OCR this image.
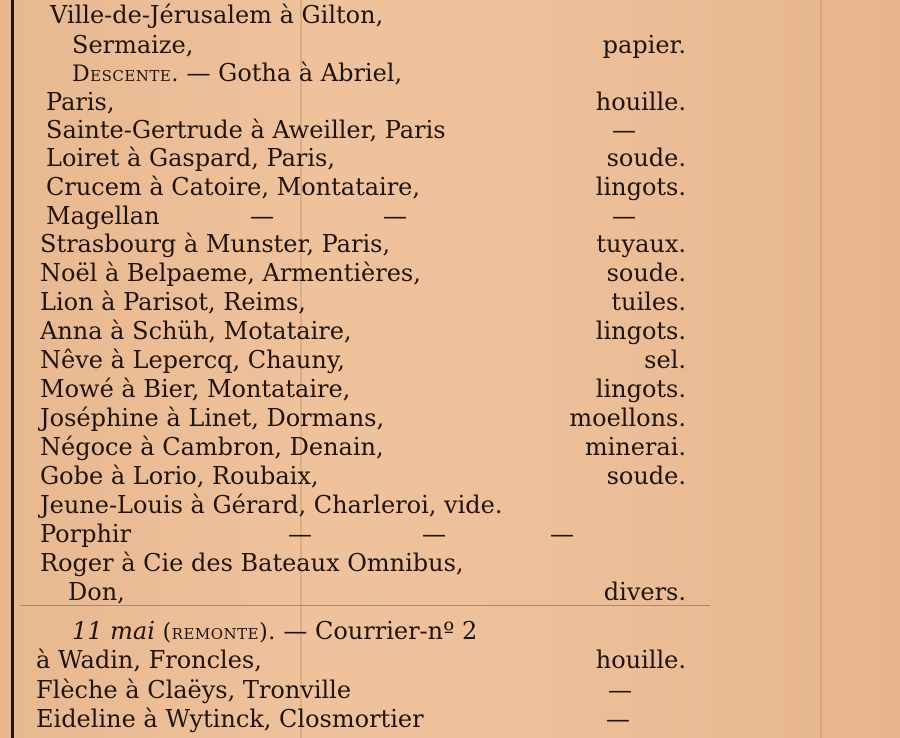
Ville-de-Jérusalem à Gilton,
Sermaize,	papier.
Descente. — Gotha à Abriel,
Paris,	houille.
Sainte-Gertrude à Aweiller, Paris	—
Loiret à Gaspard, Paris,	soude.
Crucem à Catoire, Montataire,	lingots.
Magellan	—	—	—
Strasbourg à Munster, Paris,	tuyaux.
Noël à Belpaeme, Armentières,	soude.
Lion à Parisot, Reims,	tuiles.
Anna à Schüh, Motataire,	lingots.
Nêve à Lepercq, Chauny,	sel.
Mowé à Bier, Montataire,	lingots.
Joséphine à Linet, Dormans,	moellons.
Négoce à Cambron, Denain,	minerai.
Gobe à Lorio, Roubaix,	soude.
Jeune-Louis à Gérard, Charleroi, vide.
Porphir	—	—	—
Roger à Cie des Bateaux Omnibus,
Don,	divers.
11 mai (remonte). — Courrier-nº 2
à Wadin, Froncles,	houille.
Flèche à Claëys, Tronville	—
Eideline à Wytinck, Closmortier	—
